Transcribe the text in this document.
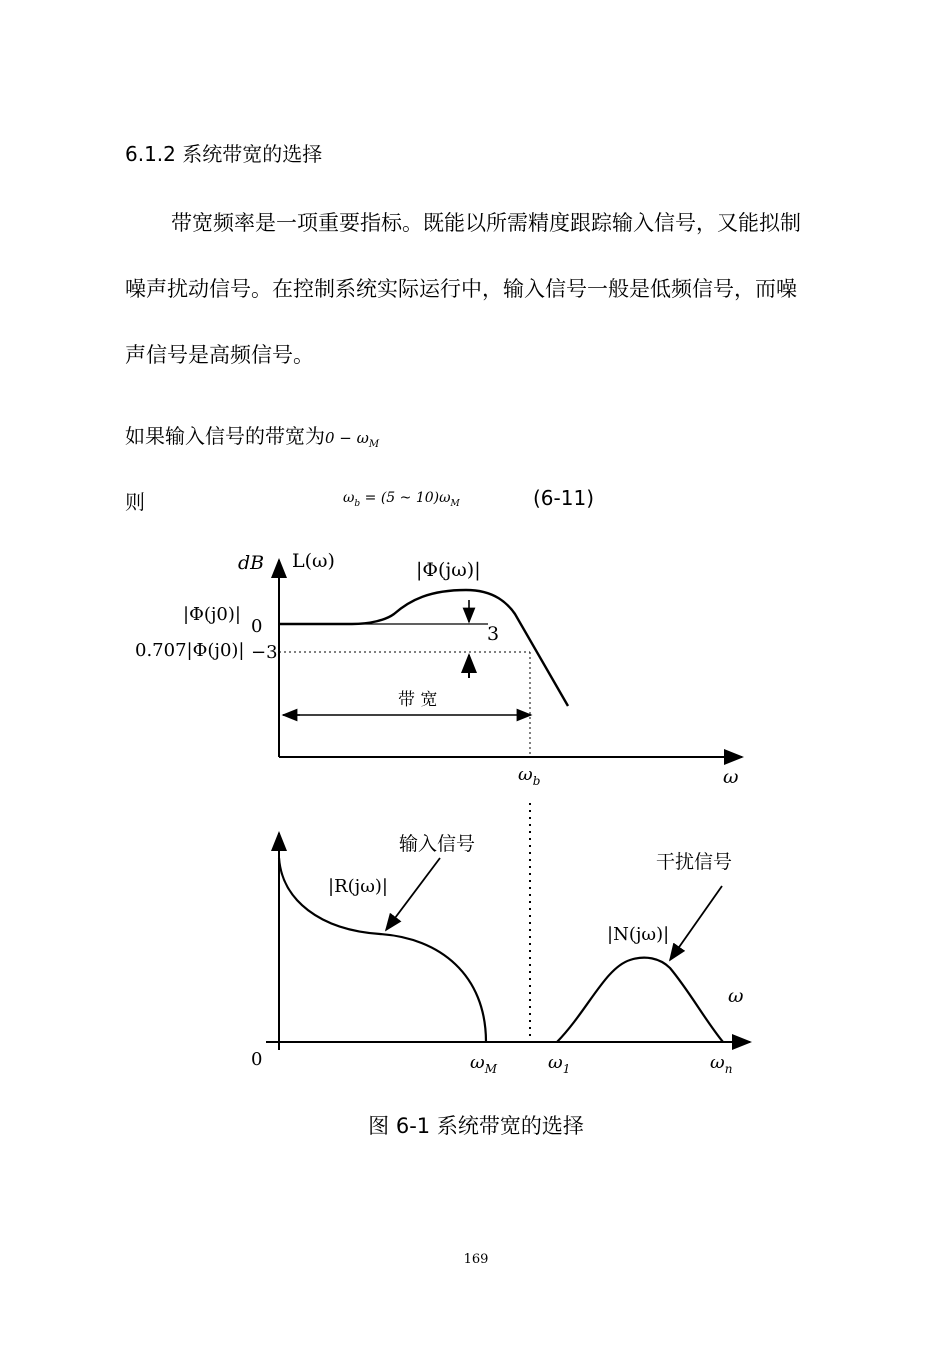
6.1.2 系统带宽的选择
带宽频率是一项重要指标。既能以所需精度跟踪输入信号，又能拟制
噪声扰动信号。在控制系统实际运行中，输入信号一般是低频信号，而噪
声信号是高频信号。
如果输入信号的带宽为$0 - \omega_M$
则	$\omega_b = (5$ ~ $10)\omega_M$	(6-11)
dB L(ω)	|Φ(jω)|
|Φ(j0)|
0
0.707|Φ(j0)| −3
3
带 宽
$\omega_b$	ω
输入信号
|R(jω)|
干扰信号
|N(jω)|
ω
0	$\omega_M$	$\omega_1$	$\omega_n$
图 6-1 系统带宽的选择
169
